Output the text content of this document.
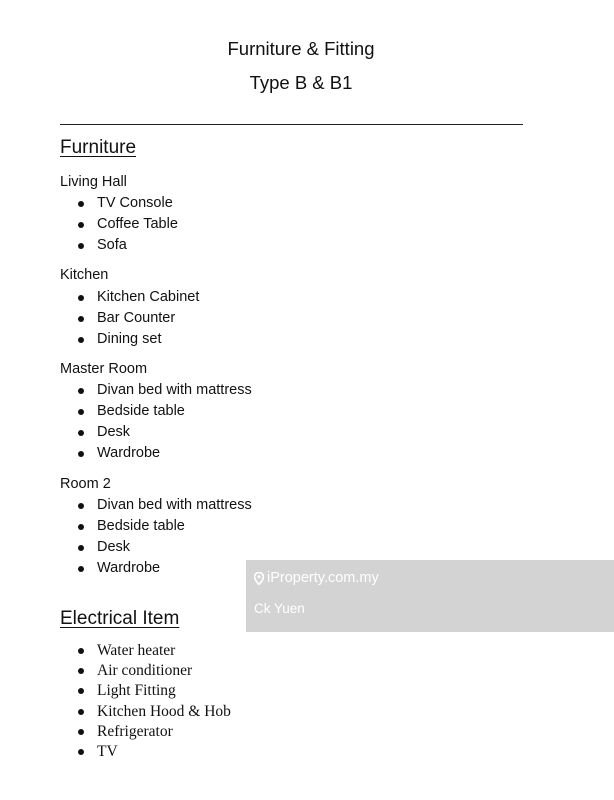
Furniture & Fitting
Type B & B1
Furniture
Living Hall
TV Console
Coffee Table
Sofa
Kitchen
Kitchen Cabinet
Bar Counter
Dining set
Master Room
Divan bed with mattress
Bedside table
Desk
Wardrobe
Room 2
Divan bed with mattress
Bedside table
Desk
Wardrobe
Electrical Item
Water heater
Air conditioner
Light Fitting
Kitchen Hood & Hob
Refrigerator
TV
iProperty.com.my
Ck Yuen
